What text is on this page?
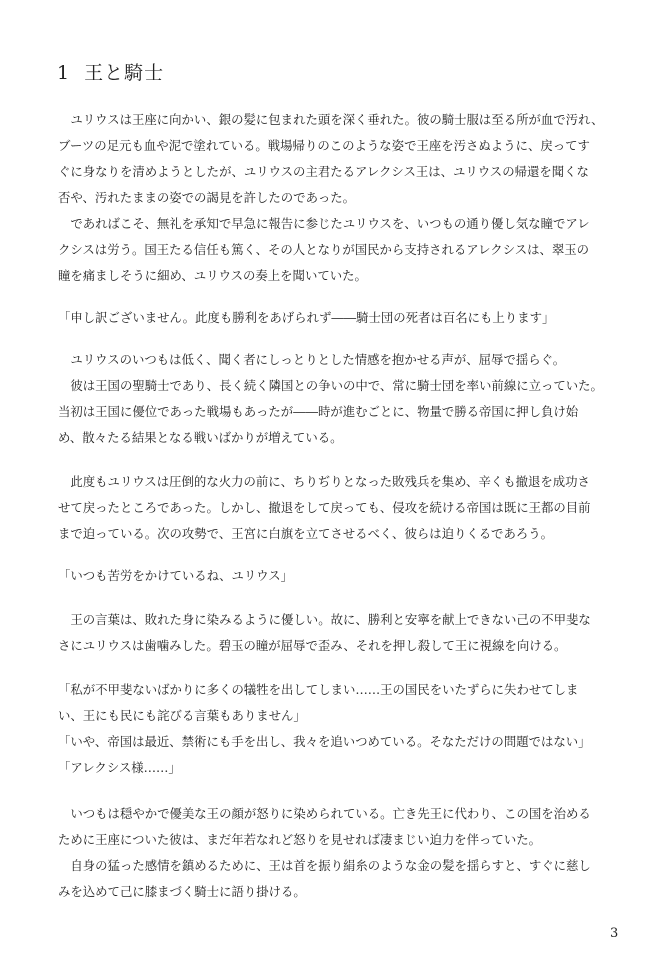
1 王と騎士

　ユリウスは王座に向かい、銀の髪に包まれた頭を深く垂れた。彼の騎士服は至る所が血で汚れ、

ブーツの足元も血や泥で塗れている。戦場帰りのこのような姿で王座を汚さぬように、戻ってす

ぐに身なりを清めようとしたが、ユリウスの主君たるアレクシス王は、ユリウスの帰還を聞くな

否や、汚れたままの姿での謁見を許したのであった。

　であればこそ、無礼を承知で早急に報告に参じたユリウスを、いつもの通り優し気な瞳でアレ

クシスは労う。国王たる信任も篤く、その人となりが国民から支持されるアレクシスは、翠玉の

瞳を痛ましそうに細め、ユリウスの奏上を聞いていた。

「申し訳ございません。此度も勝利をあげられず――騎士団の死者は百名にも上ります」

　ユリウスのいつもは低く、聞く者にしっとりとした情感を抱かせる声が、屈辱で揺らぐ。

　彼は王国の聖騎士であり、長く続く隣国との争いの中で、常に騎士団を率い前線に立っていた。

当初は王国に優位であった戦場もあったが――時が進むごとに、物量で勝る帝国に押し負け始

め、散々たる結果となる戦いばかりが増えている。

　此度もユリウスは圧倒的な火力の前に、ちりぢりとなった敗残兵を集め、辛くも撤退を成功さ

せて戻ったところであった。しかし、撤退をして戻っても、侵攻を続ける帝国は既に王都の目前

まで迫っている。次の攻勢で、王宮に白旗を立てさせるべく、彼らは迫りくるであろう。

「いつも苦労をかけているね、ユリウス」

　王の言葉は、敗れた身に染みるように優しい。故に、勝利と安寧を献上できない己の不甲斐な

さにユリウスは歯噛みした。碧玉の瞳が屈辱で歪み、それを押し殺して王に視線を向ける。

「私が不甲斐ないばかりに多くの犠牲を出してしまい……王の国民をいたずらに失わせてしま

い、王にも民にも詫びる言葉もありません」

「いや、帝国は最近、禁術にも手を出し、我々を追いつめている。そなただけの問題ではない」

「アレクシス様……」

　いつもは穏やかで優美な王の顔が怒りに染められている。亡き先王に代わり、この国を治める

ために王座についた彼は、まだ年若なれど怒りを見せれば凄まじい迫力を伴っていた。

　自身の猛った感情を鎮めるために、王は首を振り絹糸のような金の髪を揺らすと、すぐに慈し

みを込めて己に膝まづく騎士に語り掛ける。

3
